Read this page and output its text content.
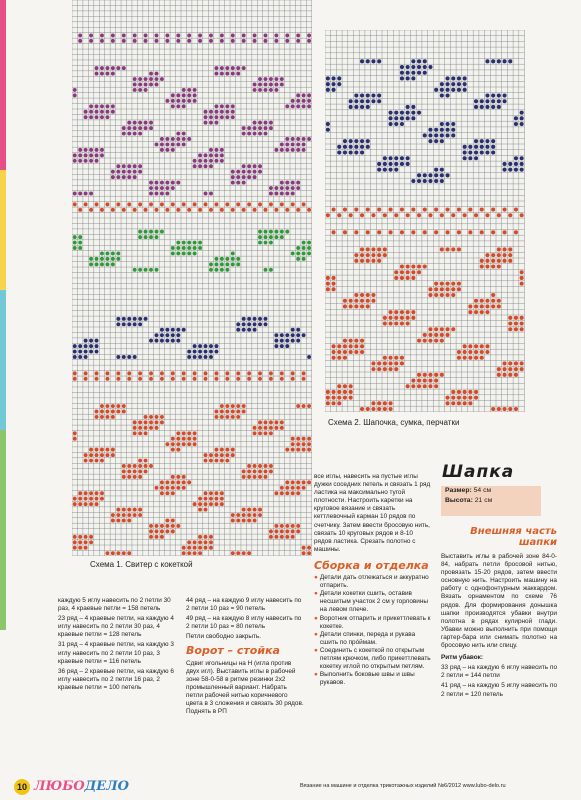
Схема 1. Свитер с кокеткой
Схема 2. Шапочка, сумка, перчатки

каждую 5 иглу навесить по 2 петли 30 раз, 4 краевые петли = 158 петель

23 ряд – 4 краевые петли, на каждую 4 иглу навесить по 2 петли 30 раз, 4 краевые петли = 128 петель

31 ряд – 4 краевые петли, на каждую 3 иглу навесить по 2 петли 10 раз, 3 краевые петли = 116 петель

36 ряд – 2 краевые петли, на каждую 6 иглу навесить по 2 петли 16 раз, 2 краевые петли = 100 петель

44 ряд – на каждую 9 иглу навесить по 2 петли 10 раз = 90 петель

49 ряд – на каждую 8 иглу навесить по 2 петли 10 раз = 80 петель

Петли свободно закрыть.

Ворот – стойка

Сдвиг игольницы на Н (игла против двух игл). Выставить иглы в рабочей зоне 58-0-58 в ритме резинки 2х2 промышленный вариант. Набрать петли рабочей нитью коричневого цвета в 3 сложения и связать 30 рядов. Поднять в РП

все иглы, навесить на пустые иглы дужки соседних петель и связать 1 ряд ластика на максимально тугой плотности. Настроить каретки на круговое вязание и связать кеттлевочный карман 10 рядов по счетчику. Затем ввести бросовую нить, связать 10 круговых рядов и 8-10 рядов ластика. Срезать полотно с машины.

Сборка и отделка
● Детали дать отлежаться и аккуратно отпарить.
● Детали кокетки сшить, оставив несшитым участок 2 см у горловины на левом плече.
● Воротник отпарить и прикеттлевать к кокетке.
● Детали спинки, переда и рукава сшить по прóймам.
● Соединить с кокеткой по открытым петлям крючком, либо прикеттлевать кокетку иглой по открытым петлям.
● Выполнить боковые швы и швы рукавов.
Шапка
Размер: 54 см
Высота: 21 см
Внешняя часть шапки

Выставить иглы в рабочей зоне 84-0-84, набрать петли бросовой нитью, провязать 15-20 рядов, затем ввести основную нить. Настроить машину на работу с однофонтурным жаккардом. Вязать орнаментом по схеме 76 рядов. Для формирования донышка шапки производятся убавки внутри полотна в рядах кулирной глади. Убавки можно выполнить при помощи гартер-бара или снимать полотно на бросовую нить или спицу.

Ритм убавок:

33 ряд – на каждую 6 иглу навесить по 2 петли = 144 петли

41 ряд – на каждую 5 иглу навесить по 2 петли = 120 петель

10 ЛЮБОДЕЛО	Вязание на машине и отделка трикотажных изделий №6/2012 www.lubo-delo.ru
